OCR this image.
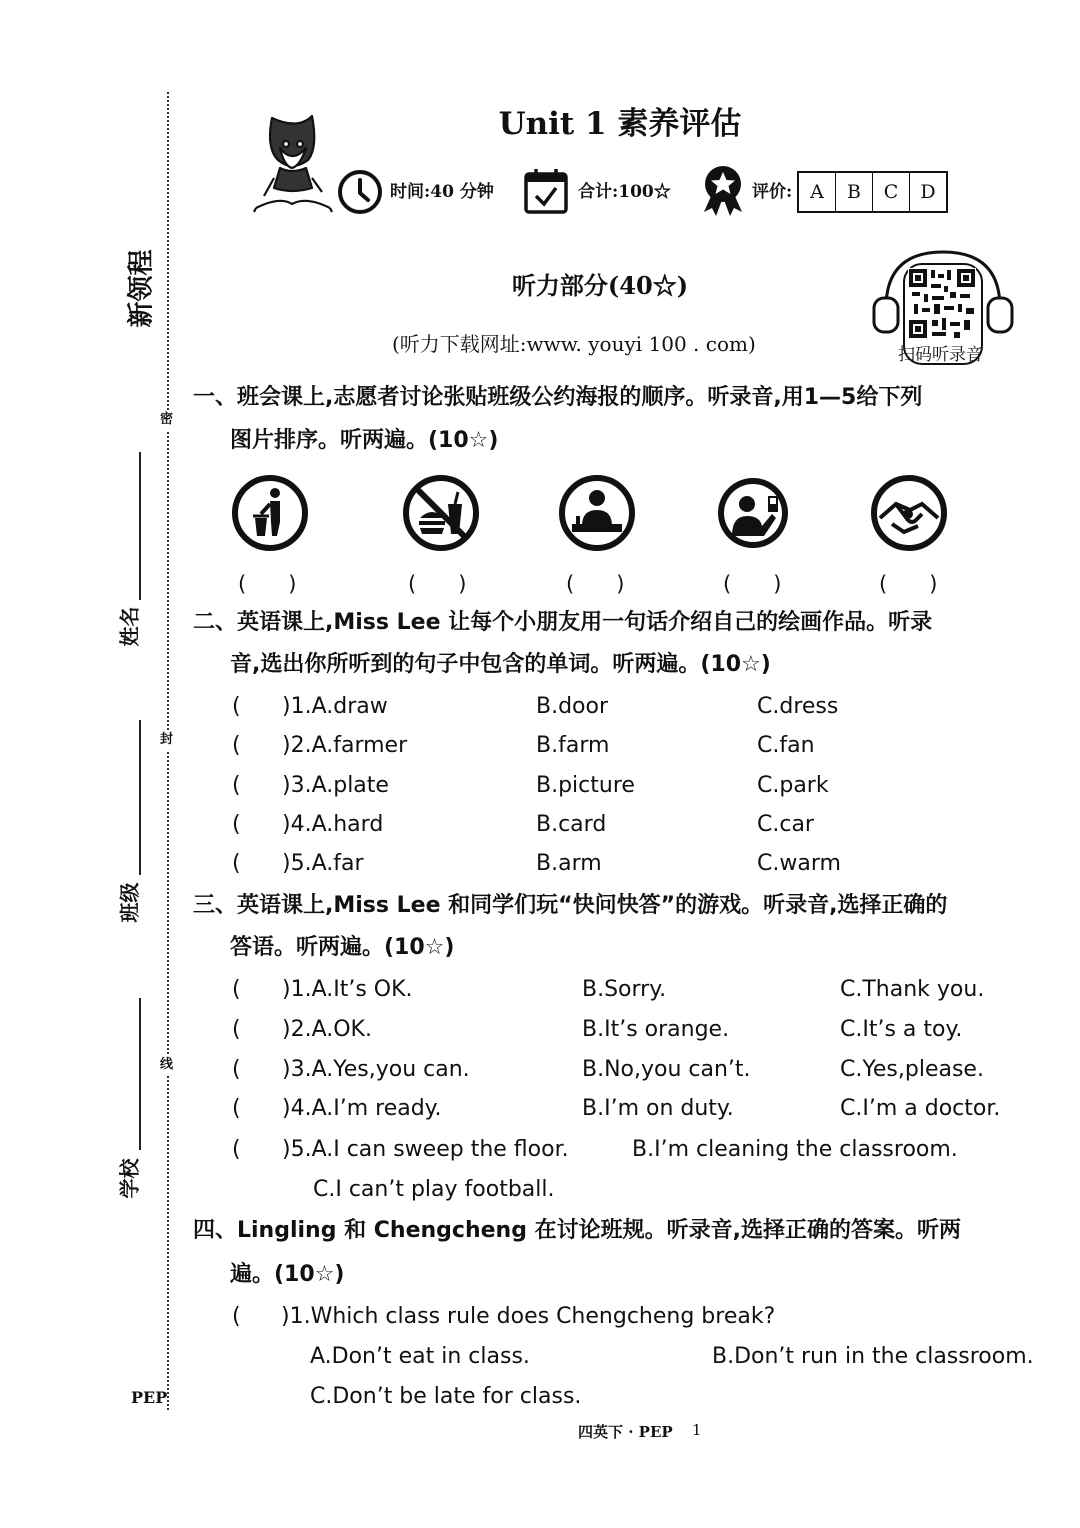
新领程
姓名
班级
学校
密
封
线
PEP
Unit 1 素养评估
时间:40 分钟	合计:100☆	评价: A	B	C	D
听力部分(40☆)
(听力下载网址:www. youyi 100 . com)	扫码听录音
一、班会课上,志愿者讨论张贴班级公约海报的顺序。听录音,用1—5给下列
图片排序。听两遍。(10☆)
(　　)	(　　)	(　　)	(　　)	(　　)
二、英语课上,Miss Lee 让每个小朋友用一句话介绍自己的绘画作品。听录
音,选出你所听到的句子中包含的单词。听两遍。(10☆)
( )1.A.draw	B.door	C.dress
( )2.A.farmer	B.farm	C.fan
( )3.A.plate	B.picture	C.park
( )4.A.hard	B.card	C.car
( )5.A.far	B.arm	C.warm
三、英语课上,Miss Lee 和同学们玩“快问快答”的游戏。听录音,选择正确的
答语。听两遍。(10☆)
( )1.A.It’s OK.	B.Sorry.	C.Thank you.
( )2.A.OK.	B.It’s orange.	C.It’s a toy.
( )3.A.Yes,you can.	B.No,you can’t.	C.Yes,please.
( )4.A.I’m ready.	B.I’m on duty.	C.I’m a doctor.
( )5.A.I can sweep the floor.	B.I’m cleaning the classroom.
C.I can’t play football.
四、Lingling 和 Chengcheng 在讨论班规。听录音,选择正确的答案。听两
遍。(10☆)
( )1.Which class rule does Chengcheng break?
A.Don’t eat in class.	B.Don’t run in the classroom.
C.Don’t be late for class.
四英下 · PEP 1
